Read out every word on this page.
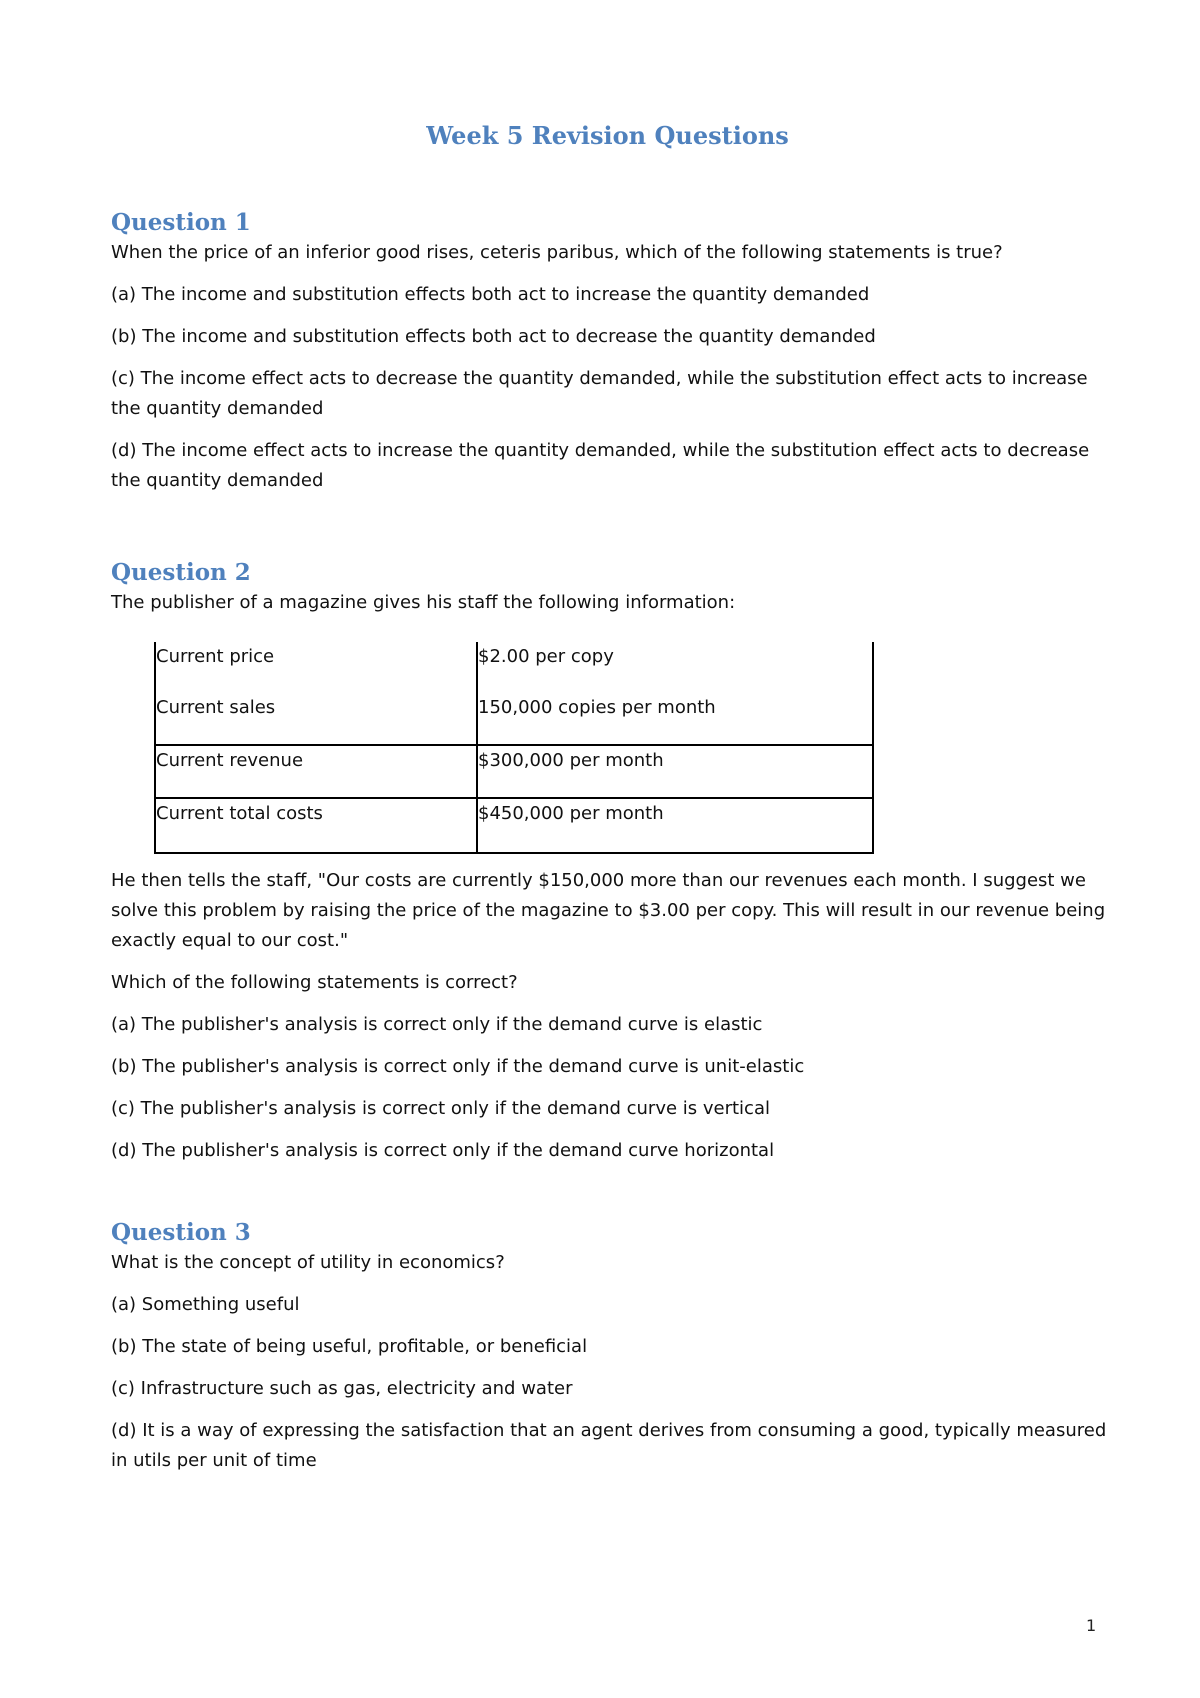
Week 5 Revision Questions
Question 1

When the price of an inferior good rises, ceteris paribus, which of the following statements is true?

(a) The income and substitution effects both act to increase the quantity demanded

(b) The income and substitution effects both act to decrease the quantity demanded

(c) The income effect acts to decrease the quantity demanded, while the substitution effect acts to increase the quantity demanded

(d) The income effect acts to increase the quantity demanded, while the substitution effect acts to decrease the quantity demanded

Question 2

The publisher of a magazine gives his staff the following information:

Current price	$2.00 per copy
Current sales	150,000 copies per month
Current revenue	$300,000 per month
Current total costs	$450,000 per month

He then tells the staff, "Our costs are currently $150,000 more than our revenues each month. I suggest we solve this problem by raising the price of the magazine to $3.00 per copy. This will result in our revenue being exactly equal to our cost."

Which of the following statements is correct?

(a) The publisher's analysis is correct only if the demand curve is elastic

(b) The publisher's analysis is correct only if the demand curve is unit-elastic

(c) The publisher's analysis is correct only if the demand curve is vertical

(d) The publisher's analysis is correct only if the demand curve horizontal

Question 3

What is the concept of utility in economics?

(a) Something useful

(b) The state of being useful, profitable, or beneficial

(c) Infrastructure such as gas, electricity and water

(d) It is a way of expressing the satisfaction that an agent derives from consuming a good, typically measured in utils per unit of time

1
